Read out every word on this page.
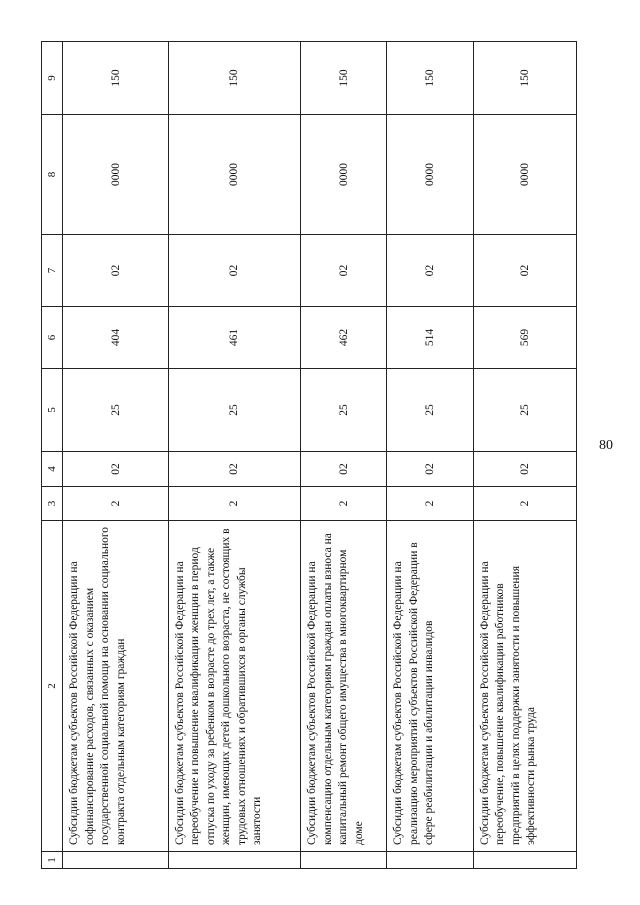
80
1	2	3	4	5	6	7	8	9
	Субсидии бюджетам субъектов Российской Федерации на софинансирование расходов, связанных с оказанием государственной социальной помощи на основании социального контракта отдельным категориям граждан	2	02	25	404	02	0000	150
	Субсидии бюджетам субъектов Российской Федерации на переобучение и повышение квалификации женщин в период отпуска по уходу за ребенком в возрасте до трех лет, а также женщин, имеющих детей дошкольного возраста, не состоящих в трудовых отношениях и обратившихся в органы службы занятости	2	02	25	461	02	0000	150
	Субсидии бюджетам субъектов Российской Федерации на компенсацию отдельным категориям граждан оплаты взноса на капитальный ремонт общего имущества в многоквартирном доме	2	02	25	462	02	0000	150
	Субсидии бюджетам субъектов Российской Федерации на реализацию мероприятий субъектов Российской Федерации в сфере реабилитации и абилитации инвалидов	2	02	25	514	02	0000	150
	Субсидии бюджетам субъектов Российской Федерации на переобучение, повышение квалификации работников предприятий в целях поддержки занятости и повышения эффективности рынка труда	2	02	25	569	02	0000	150
